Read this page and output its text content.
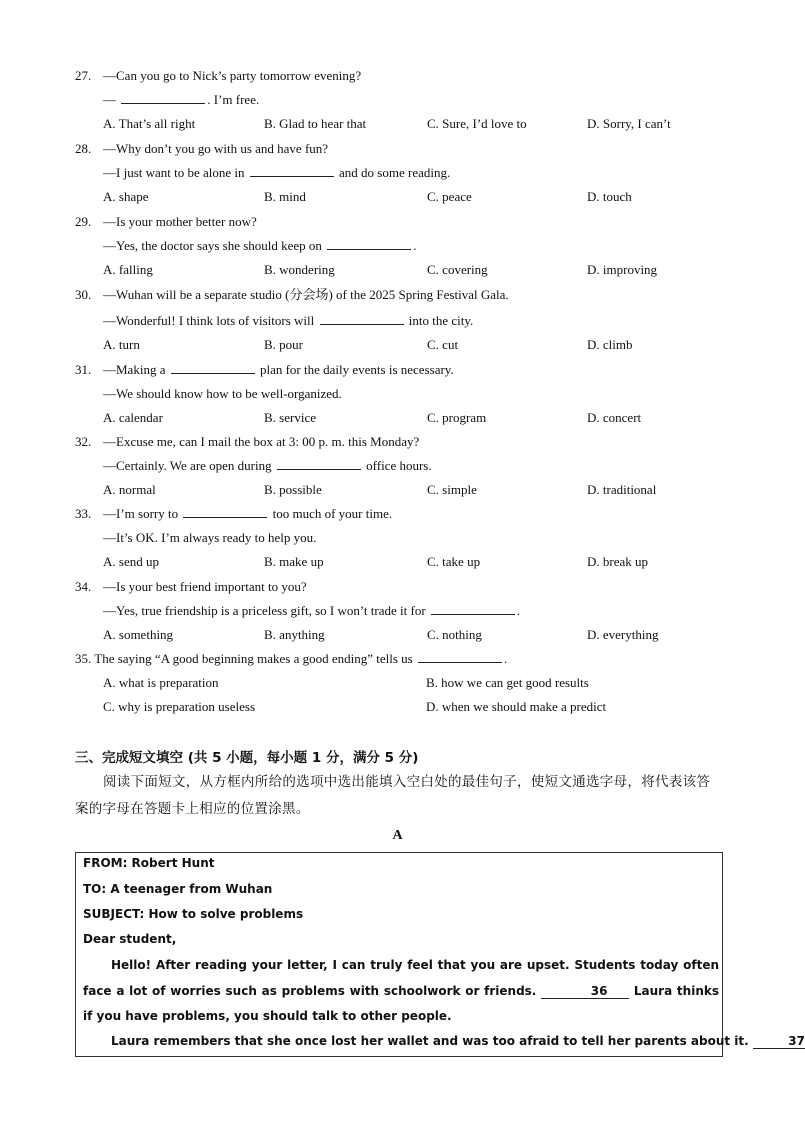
27. —Can you go to Nick’s party tomorrow evening?
—	. I’m free.
A. That’s all right	B. Glad to hear that	C. Sure, I’d love to	D. Sorry, I can’t
28. —Why don’t you go with us and have fun?
—I just want to be alone in	and do some reading.
A. shape	B. mind	C. peace	D. touch
29. —Is your mother better now?
—Yes, the doctor says she should keep on	.
A. falling	B. wondering	C. covering	D. improving
30. —Wuhan will be a separate studio (分会场) of the 2025 Spring Festival Gala.
—Wonderful! I think lots of visitors will	into the city.
A. turn	B. pour	C. cut	D. climb
31. —Making a	plan for the daily events is necessary.
—We should know how to be well-organized.
A. calendar	B. service	C. program	D. concert
32. —Excuse me, can I mail the box at 3: 00 p. m. this Monday?
—Certainly. We are open during	office hours.
A. normal	B. possible	C. simple	D. traditional
33. —I’m sorry to	too much of your time.
—It’s OK. I’m always ready to help you.
A. send up	B. make up	C. take up	D. break up
34. —Is your best friend important to you?
—Yes, true friendship is a priceless gift, so I won’t trade it for	.
A. something	B. anything	C. nothing	D. everything
35. The saying “A good beginning makes a good ending” tells us	.
A. what is preparation	B. how we can get good results
C. why is preparation useless	D. when we should make a predict
三、完成短文填空 (共 5 小题，每小题 1 分，满分 5 分)
阅读下面短文，从方框内所给的选项中选出能填入空白处的最佳句子，使短文通选字母，将代表该答案的字母在答题卡上相应的位置涂黑。
A
FROM: Robert Hunt
TO: A teenager from Wuhan
SUBJECT: How to solve problems
Dear student,
Hello! After reading your letter, I can truly feel that you are upset. Students today often face a lot of worries such as problems with schoolwork or friends.	36 Laura thinks if you have problems, you should talk to other people.
Laura remembers that she once lost her wallet and was too afraid to tell her parents about it.	37
